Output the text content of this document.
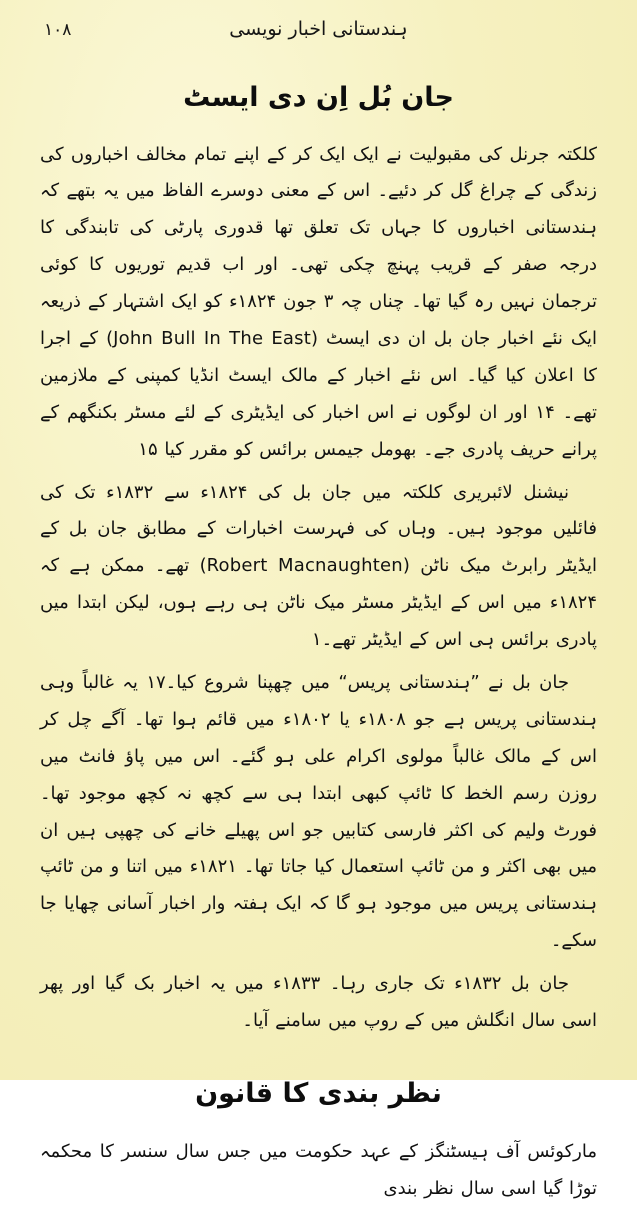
ہندستانی اخبار نویسی
۱۰۸
جان بُل اِن دی ایسٹ

کلکتہ جرنل کی مقبولیت نے ایک ایک کر کے اپنے تمام مخالف اخباروں کی زندگی کے چراغ گل کر دئیے۔ اس کے معنی دوسرے الفاظ میں یہ بتھے کہ ہندستانی اخباروں کا جہاں تک تعلق تھا قدوری پارٹی کی تابندگی کا درجہ صفر کے قریب پہنچ چکی تھی۔ اور اب قدیم توریوں کا کوئی ترجمان نہیں رہ گیا تھا۔ چناں چہ ۳ جون ۱۸۲۴ء کو ایک اشتہار کے ذریعہ ایک نئے اخبار جان بل ان دی ایسٹ (John Bull In The East) کے اجرا کا اعلان کیا گیا۔ اس نئے اخبار کے مالک ایسٹ انڈیا کمپنی کے ملازمین تھے۔ ۱۴ اور ان لوگوں نے اس اخبار کی ایڈیٹری کے لئے مسٹر بکنگھم کے پرانے حریف پادری جے۔ بھومل جیمس برائس کو مقرر کیا ۱۵

نیشنل لائبریری کلکتہ میں جان بل کی ۱۸۲۴ء سے ۱۸۳۲ء تک کی فائلیں موجود ہیں۔ وہاں کی فہرست اخبارات کے مطابق جان بل کے ایڈیٹر رابرٹ میک ناٹن (Robert Macnaughten) تھے۔ ممکن ہے کہ ۱۸۲۴ء میں اس کے ایڈیٹر مسٹر میک ناٹن ہی رہے ہوں، لیکن ابتدا میں پادری برائس ہی اس کے ایڈیٹر تھے۔۱

جان بل نے ”ہندستانی پریس“ میں چھپنا شروع کیا۔۱۷ یہ غالباً وہی ہندستانی پریس ہے جو ۱۸۰۸ء یا ۱۸۰۲ء میں قائم ہوا تھا۔ آگے چل کر اس کے مالک غالباً مولوی اکرام علی ہو گئے۔ اس میں پاؤ فانٹ میں روزن رسم الخط کا ٹائپ کبھی ابتدا ہی سے کچھ نہ کچھ موجود تھا۔ فورٹ ولیم کی اکثر فارسی کتابیں جو اس پھیلے خانے کی چھپی ہیں ان میں بھی اکثر و من ٹائپ استعمال کیا جاتا تھا۔ ۱۸۲۱ء میں اتنا و من ٹائپ ہندستانی پریس میں موجود ہو گا کہ ایک ہفتہ وار اخبار آسانی چھایا جا سکے۔

جان بل ۱۸۳۲ء تک جاری رہا۔ ۱۸۳۳ء میں یہ اخبار بک گیا اور پھر اسی سال انگلش میں کے روپ میں سامنے آیا۔

نظر بندی کا قانون

مارکوئس آف ہیسٹنگز کے عہد حکومت میں جس سال سنسر کا محکمہ توڑا گیا اسی سال نظر بندی
